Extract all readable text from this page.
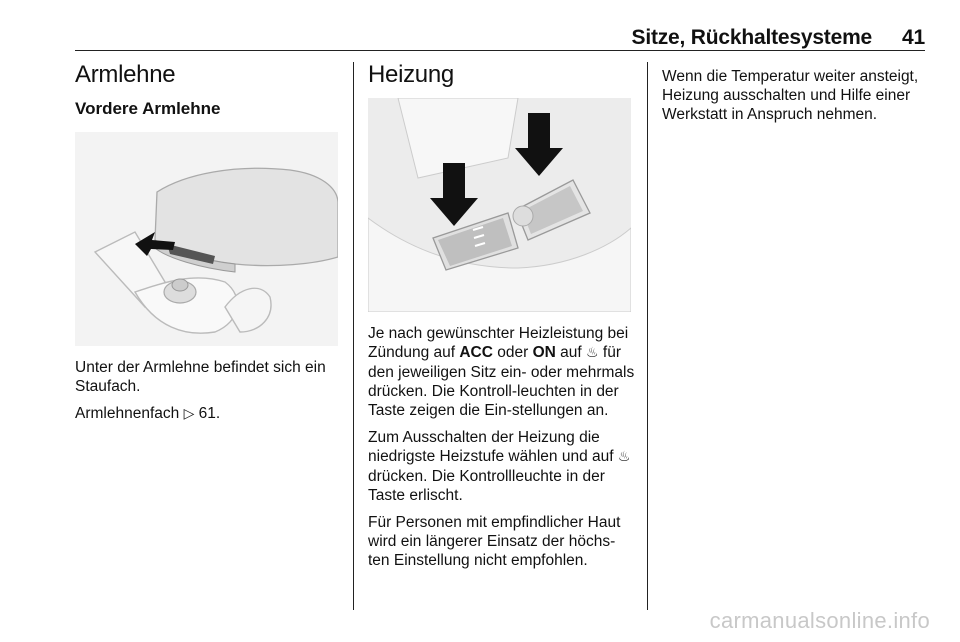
Sitze, Rückhaltesysteme 41
Armlehne
Vordere Armlehne

Unter der Armlehne befindet sich ein Staufach.

Armlehnenfach ▷ 61.

Heizung

Je nach gewünschter Heizleistung bei Zündung auf ACC oder ON auf ♨ für den jeweiligen Sitz ein- oder mehrmals drücken. Die Kontroll-leuchten in der Taste zeigen die Ein-stellungen an.

Zum Ausschalten der Heizung die niedrigste Heizstufe wählen und auf ♨ drücken. Die Kontrollleuchte in der Taste erlischt.

Für Personen mit empfindlicher Haut wird ein längerer Einsatz der höchs-ten Einstellung nicht empfohlen.

Wenn die Temperatur weiter ansteigt, Heizung ausschalten und Hilfe einer Werkstatt in Anspruch nehmen.

carmanualsonline.info
